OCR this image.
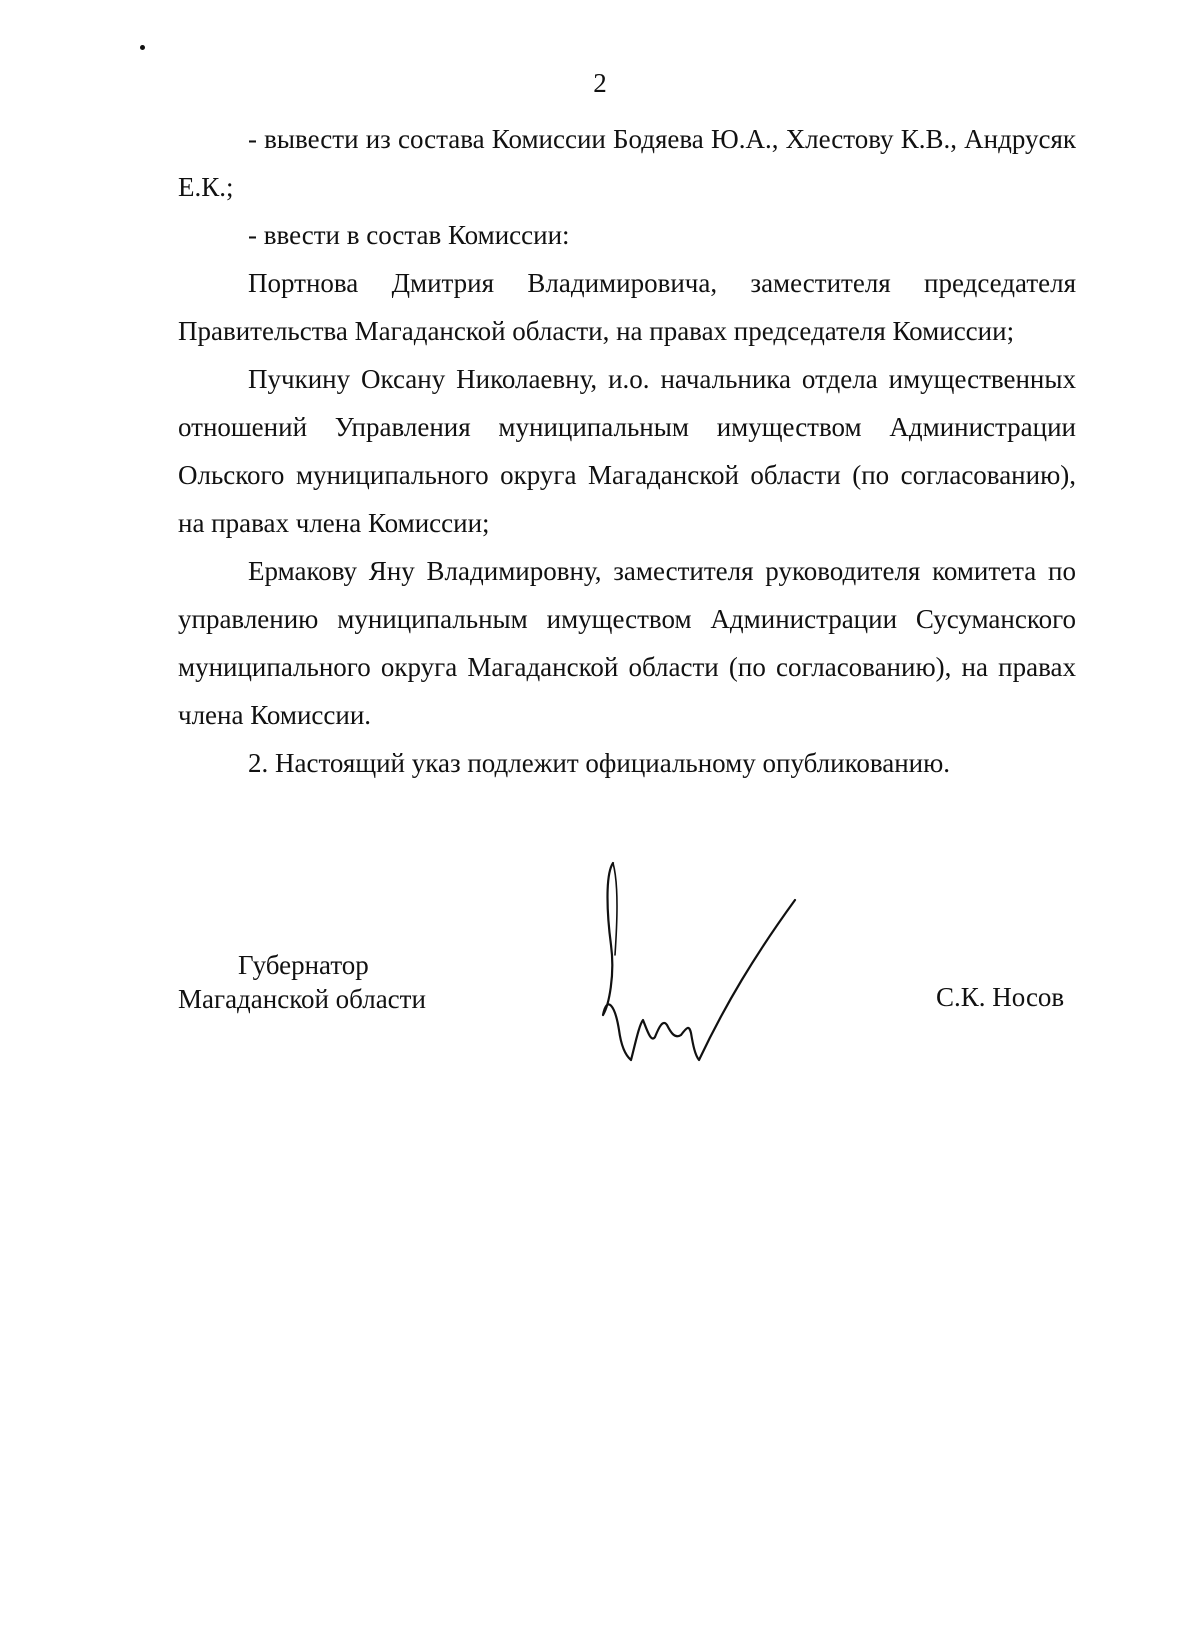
2

- вывести из состава Комиссии Бодяева Ю.А., Хлестову К.В., Андрусяк Е.К.;

- ввести в состав Комиссии:

Портнова Дмитрия Владимировича, заместителя председателя Правительства Магаданской области, на правах председателя Комиссии;

Пучкину Оксану Николаевну, и.о. начальника отдела имущественных отношений Управления муниципальным имуществом Администрации Ольского муниципального округа Магаданской области (по согласованию), на правах члена Комиссии;

Ермакову Яну Владимировну, заместителя руководителя комитета по управлению муниципальным имуществом Администрации Сусуманского муниципального округа Магаданской области (по согласованию), на правах члена Комиссии.

2. Настоящий указ подлежит официальному опубликованию.

Губернатор
Магаданской области	С.К. Носов
